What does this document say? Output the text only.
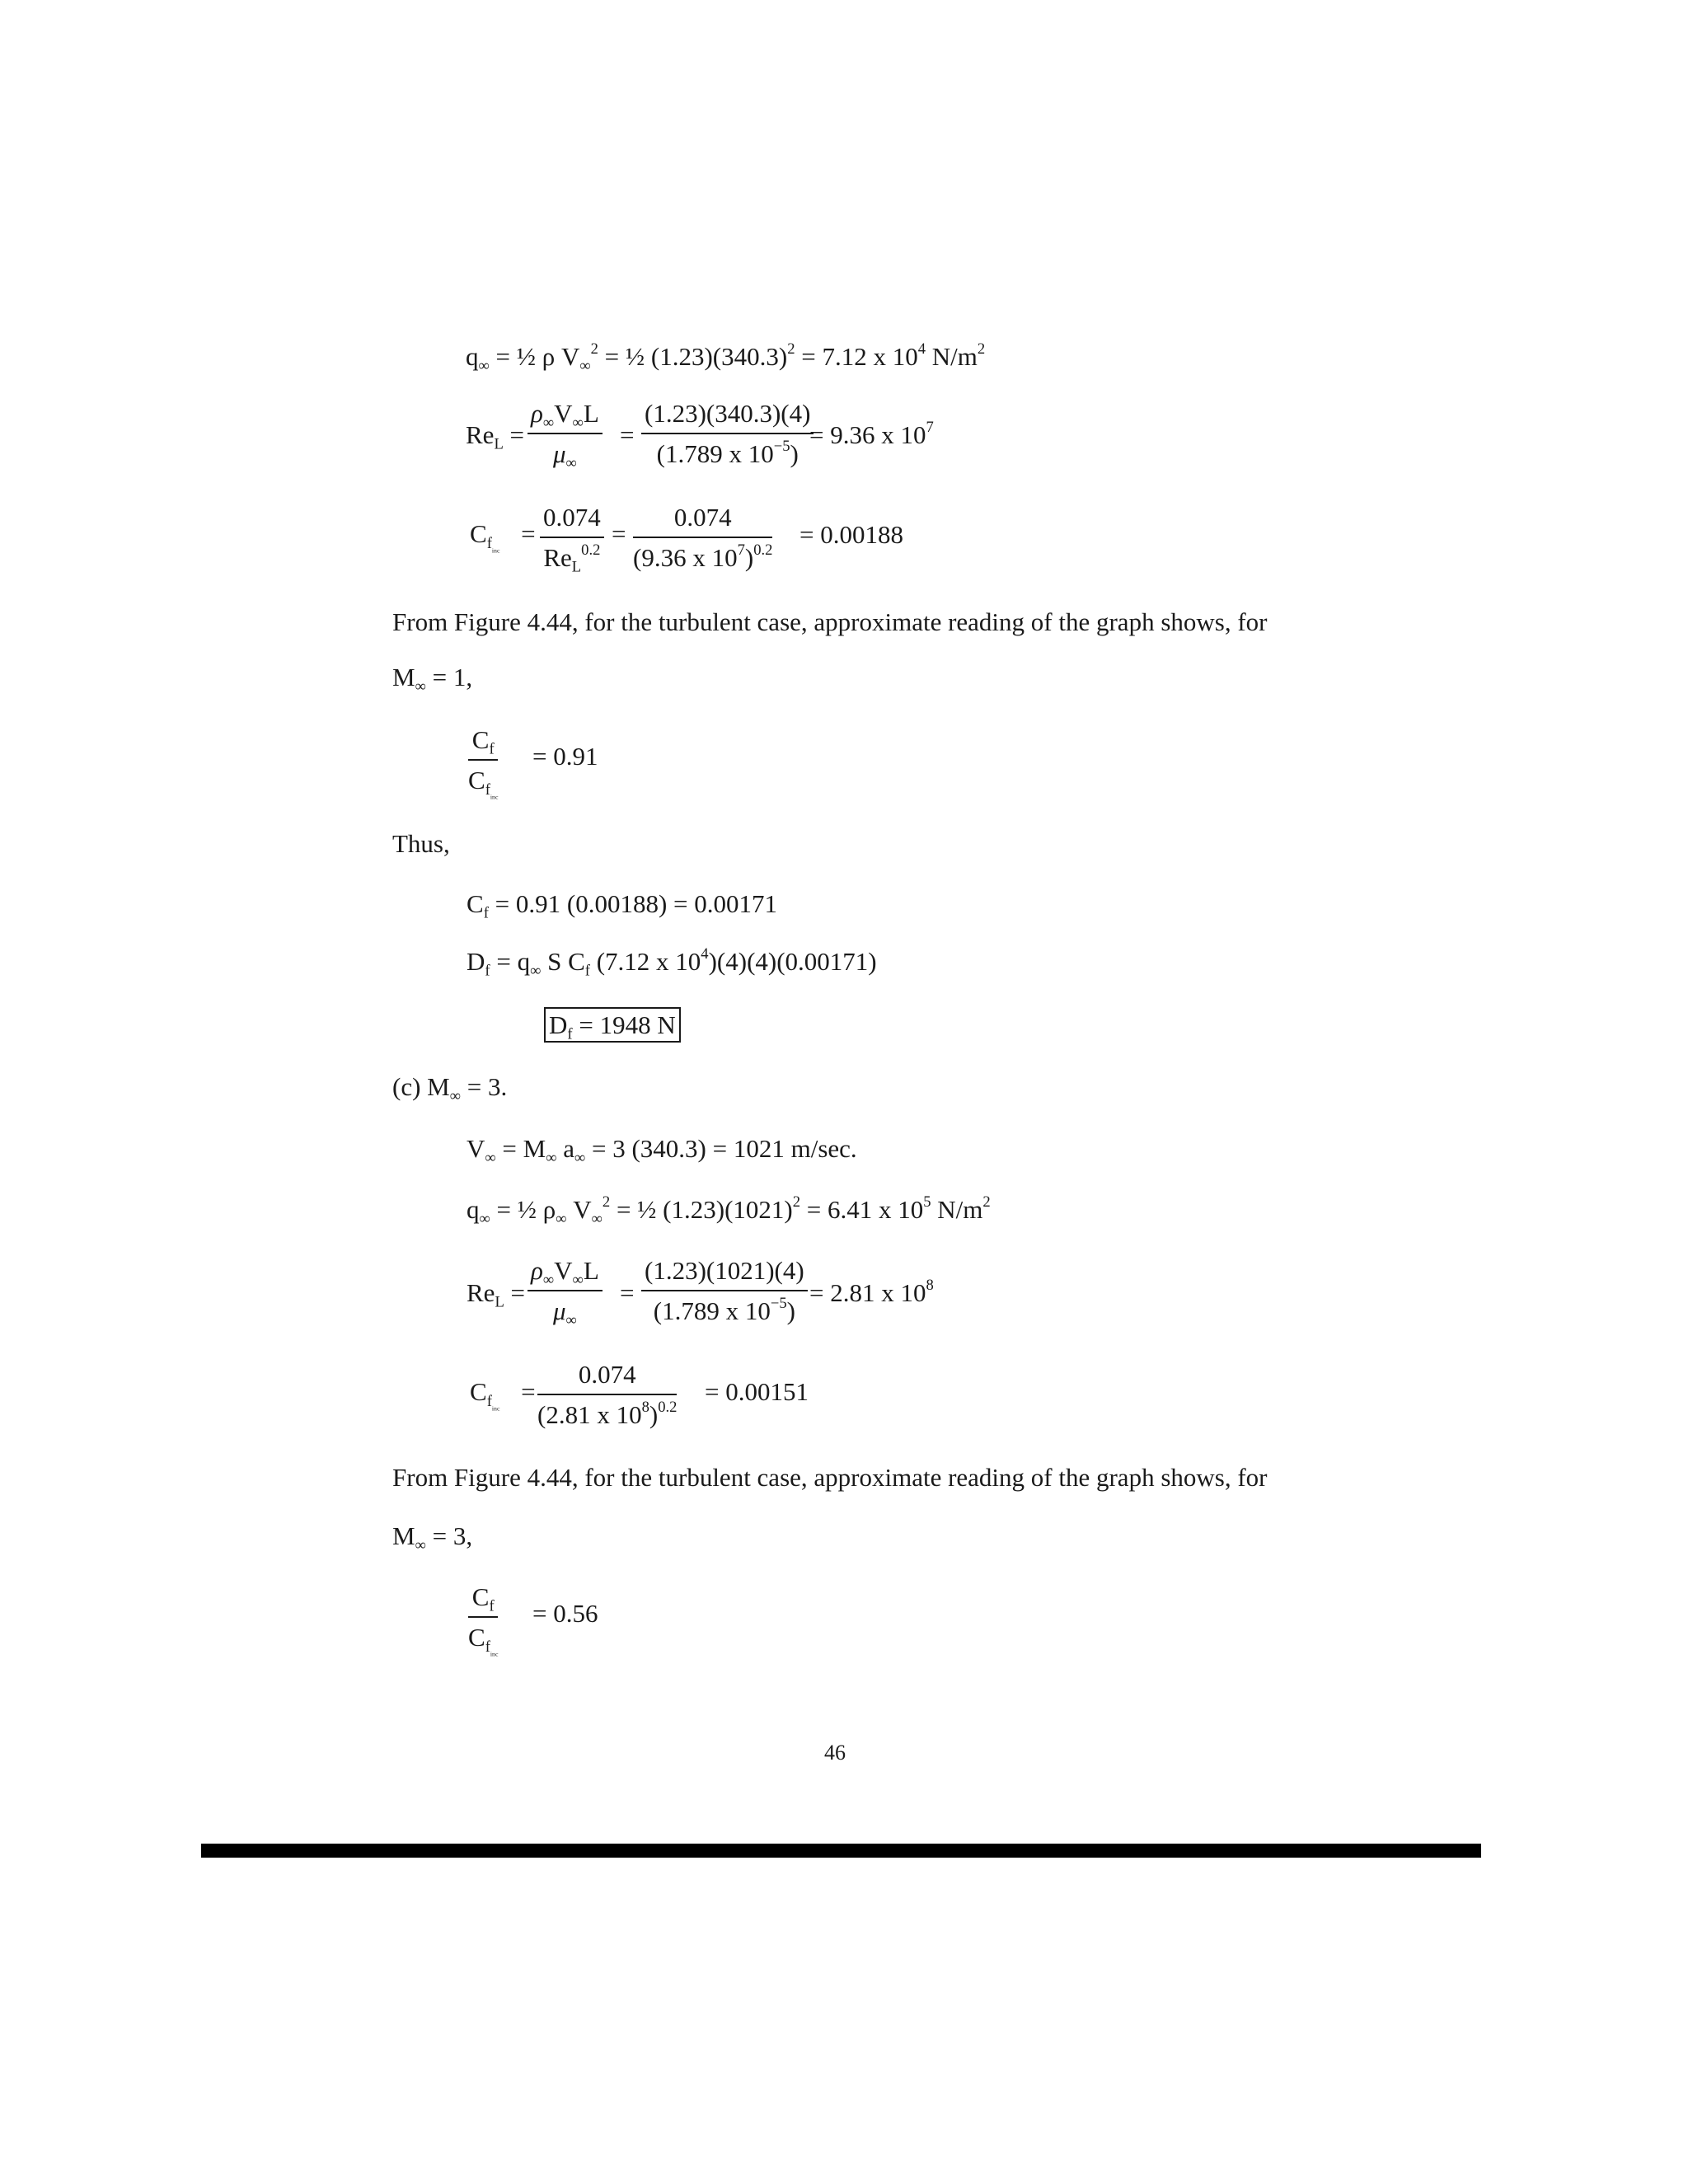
$q_\infty$ = ½ ρ $V_\infty^2$ = ½ $(1.23)(340.3)^2 = 7.12$ x $10^4$ $N/m^2$
$Re_L = \frac{\rho_\infty V_\infty L}{\mu_\infty} = \frac{(1.23)(340.3)(4)}{(1.789 x 10^{-5})}$
= 9.36 x $10^7$
$C_{f_{inc}}$ =
0.074
$Re_L^{0.2}$
= $\frac{0.074}{(9.36 x 10^7)^{0.2}} = 0.00188$
From Figure 4.44, for the turbulent case, approximate reading of the graph shows, for
$M_\infty = 1$,
$C_f$
$C_{f_{inc}}$
= 0.91
Thus,
$C_f = 0.91$ (0.00188) = 0.00171
$D_f = q_\infty$ S $C_f$ (7.12 x $10^4)(4)(4)(0.00171)$
$D_f = 1948$ N
(c) $M_\infty = 3$.
$V_\infty = M_\infty$ $a_\infty = 3$ (340.3) = 1021 m/sec.
$q_\infty$ = ½ $\rho_\infty$ $V_\infty^2$ = ½ $(1.23)(1021)^2 = 6.41$ x $10^5$ $N/m^2$
$Re_L = \frac{\rho_\infty V_\infty L}{\mu_\infty} = \frac{(1.23)(1021)(4)}{(1.789 x 10^{-5})} = 2.81$ x $10^8$
$C_{f_{inc}} = \frac{0.074}{(2.81 x 10^8)^{0.2}} = 0.00151$
From Figure 4.44, for the turbulent case, approximate reading of the graph shows, for
$M_\infty = 3$,
$C_f$
$C_{f_{inc}}$
= 0.56
46
